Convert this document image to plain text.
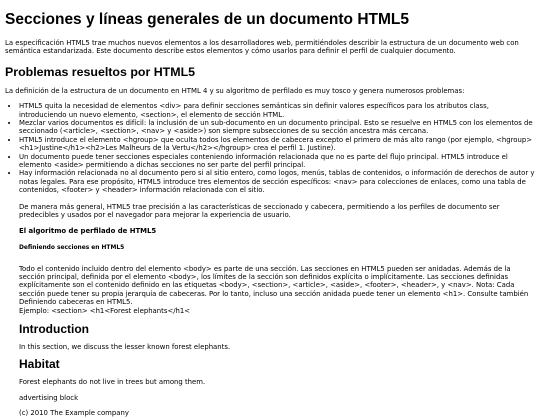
Secciones y líneas generales de un documento HTML5

La especificación HTML5 trae muchos nuevos elementos a los desarrolladores web, permitiéndoles describir la estructura de un documento web con semántica estandarizada. Este documento describe estos elementos y cómo usarlos para definir el perfil de cualquier documento.

Problemas resueltos por HTML5

La definición de la estructura de un documento en HTML 4 y su algoritmo de perfilado es muy tosco y genera numerosos problemas:

• HTML5 quita la necesidad de elementos <div> para definir secciones semánticas sin definir valores específicos para los atributos class, introduciendo un nuevo elemento, <section>, el elemento de sección HTML.
• Mezclar varios documentos es difícil: la inclusión de un sub-documento en un documento principal. Esto se resuelve en HTML5 con los elementos de seccionado (<article>, <section>, <nav> y <aside>) son siempre subsecciones de su sección ancestra más cercana.
• HTML5 introduce el elemento <hgroup> que oculta todos los elementos de cabecera excepto el primero de más alto rango (por ejemplo, <hgroup><h1>Justine</h1><h2>Les Malheurs de la Vertu</h2></hgroup> crea el perfil 1. Justine).
• Un documento puede tener secciones especiales conteniendo información relacionada que no es parte del flujo principal. HTML5 introduce el elemento <aside> permitiendo a dichas secciones no ser parte del perfil principal.
• Hay información relacionada no al documento pero si al sitio entero, como logos, menús, tablas de contenidos, o información de derechos de autor y notas legales. Para ese propósito, HTML5 introduce tres elementos de sección específicos: <nav> para colecciones de enlaces, como una tabla de contenidos, <footer> y <header> información relacionada con el sitio.

De manera más general, HTML5 trae precisión a las características de seccionado y cabecera, permitiendo a los perfiles de documento ser predecibles y usados por el navegador para mejorar la experiencia de usuario.

El algoritmo de perfilado de HTML5
Definiendo secciones en HTML5

Todo el contenido incluido dentro del elemento <body> es parte de una sección. Las secciones en HTML5 pueden ser anidadas. Además de la sección principal, definida por el elemento <body>, los límites de la sección son definidos explícita o implícitamente. Las secciones definidas explícitamente son el contenido definido en las etiquetas <body>, <section>, <article>, <aside>, <footer>, <header>, y <nav>. Nota: Cada sección puede tener su propia jerarquía de cabeceras. Por lo tanto, incluso una sección anidada puede tener un elemento <h1>. Consulte también Definiendo cabeceras en HTML5.

Ejemplo: <section> <h1<Forest elephants</h1<
Introduction
In this section, we discuss the lesser known forest elephants.
Habitat
Forest elephants do not live in trees but among them.
advertising block
(c) 2010 The Example company
